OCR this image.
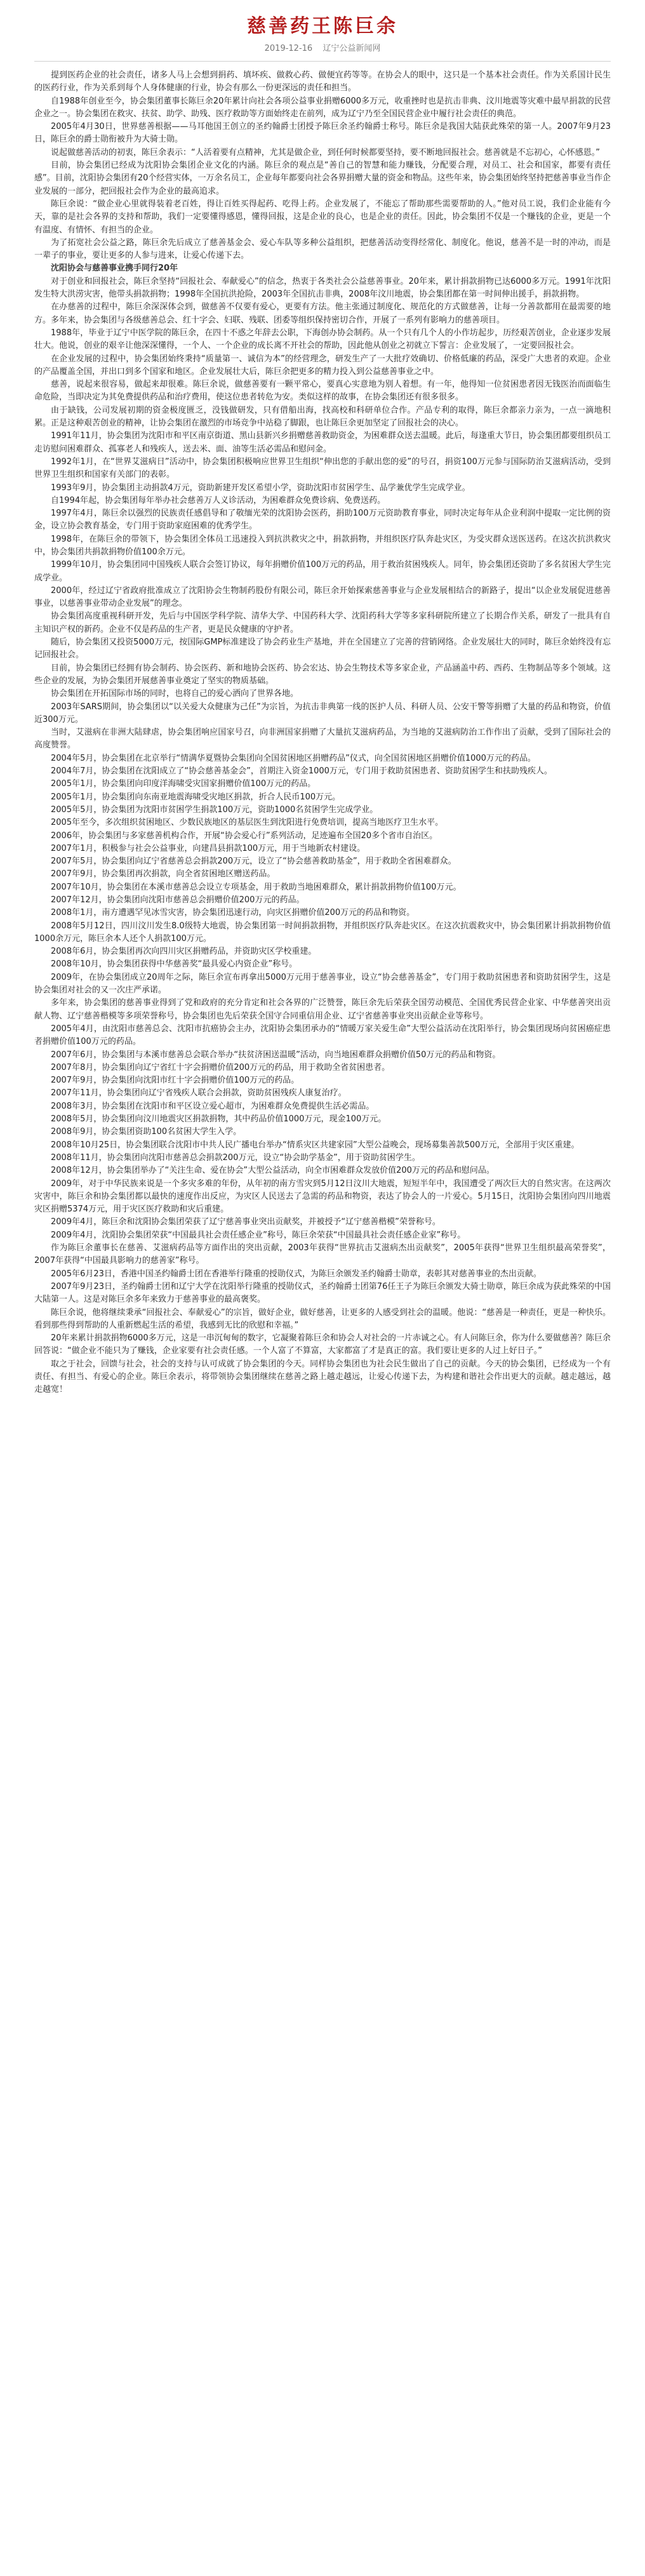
慈善药王陈巨余
2019-12-16 辽宁公益新闻网

提到医药企业的社会责任，诸多人马上会想到捐药、填坏疾、做救心药、做便宜药等等。在协会人的眼中，这只是一个基本社会责任。作为关系国计民生的医药行业，作为关系到每个人身体健康的行业，协会有那么一份更深远的责任和担当。

自1988年创业至今，协会集团董事长陈巨余20年累计向社会各项公益事业捐赠6000多万元，收重挫时也是抗击非典、汶川地震等灾难中最早捐款的民营企业之一。协会集团在救灾、扶贫、助学、助残、医疗救助等方面始终走在前列，成为辽宁乃至全国民营企业中履行社会责任的典范。

2005年4月30日，世界慈善根据——马耳他国王创立的圣约翰爵士团授予陈巨余圣约翰爵士称号。陈巨余是我国大陆获此殊荣的第一人。2007年9月23日，陈巨余的爵士勋衔被升为大骑士勋。

说起做慈善活动的初衷，陈巨余表示：“人活着要有点精神，尤其是做企业，到任何时候都要坚持，要不断地回报社会。慈善就是不忘初心，心怀感恩。”

目前，协会集团已经成为沈阳协会集团企业文化的内涵。陈巨余的观点是“善自己的智慧和能力赚钱，分配要合理，对员工、社会和国家，都要有责任感”。目前，沈阳协会集团有20个经营实体，一万余名员工，企业每年都要向社会各界捐赠大量的资金和物品。这些年来，协会集团始终坚持把慈善事业当作企业发展的一部分，把回报社会作为企业的最高追求。

陈巨余说：“做企业心里就得装着老百姓，得让百姓买得起药、吃得上药。企业发展了，不能忘了帮助那些需要帮助的人。”他对员工说，我们企业能有今天，靠的是社会各界的支持和帮助，我们一定要懂得感恩，懂得回报，这是企业的良心，也是企业的责任。因此，协会集团不仅是一个赚钱的企业，更是一个有温度、有情怀、有担当的企业。

为了拓宽社会公益之路，陈巨余先后成立了慈善基金会、爱心车队等多种公益组织，把慈善活动变得经常化、制度化。他说，慈善不是一时的冲动，而是一辈子的事业，要让更多的人参与进来，让爱心传递下去。

沈阳协会与慈善事业携手同行20年

对于创业和回报社会，陈巨余坚持“回报社会、奉献爱心”的信念，热衷于各类社会公益慈善事业。20年来，累计捐款捐物已达6000多万元。1991年沈阳发生特大洪涝灾害，他带头捐款捐物；1998年全国抗洪抢险，2003年全国抗击非典，2008年汶川地震，协会集团都在第一时间伸出援手，捐款捐物。

在办慈善的过程中，陈巨余深深体会到，做慈善不仅要有爱心，更要有方法。他主张通过制度化、规范化的方式做慈善，让每一分善款都用在最需要的地方。多年来，协会集团与各级慈善总会、红十字会、妇联、残联、团委等组织保持密切合作，开展了一系列有影响力的慈善项目。

1988年，毕业于辽宁中医学院的陈巨余，在四十不惑之年辞去公职，下海创办协会制药。从一个只有几个人的小作坊起步，历经艰苦创业，企业逐步发展壮大。他说，创业的艰辛让他深深懂得，一个人、一个企业的成长离不开社会的帮助，因此他从创业之初就立下誓言：企业发展了，一定要回报社会。

在企业发展的过程中，协会集团始终秉持“质量第一、诚信为本”的经营理念，研发生产了一大批疗效确切、价格低廉的药品，深受广大患者的欢迎。企业的产品覆盖全国，并出口到多个国家和地区。企业发展壮大后，陈巨余把更多的精力投入到公益慈善事业之中。

慈善，说起来很容易，做起来却很难。陈巨余说，做慈善要有一颗平常心，要真心实意地为别人着想。有一年，他得知一位贫困患者因无钱医治而面临生命危险，当即决定为其免费提供药品和治疗费用，使这位患者转危为安。类似这样的故事，在协会集团还有很多很多。

由于缺钱，公司发展初期的资金极度匮乏，没钱做研发，只有借船出海，找高校和科研单位合作。产品专利的取得，陈巨余都亲力亲为，一点一滴地积累。正是这种艰苦创业的精神，让协会集团在激烈的市场竞争中站稳了脚跟，也让陈巨余更加坚定了回报社会的决心。

1991年11月，协会集团为沈阳市和平区南京街道、黑山县新兴乡捐赠慈善救助资金，为困难群众送去温暖。此后，每逢重大节日，协会集团都要组织员工走访慰问困难群众、孤寡老人和残疾人，送去米、面、油等生活必需品和慰问金。

1992年1月，在“世界艾滋病日”活动中，协会集团积极响应世界卫生组织“伸出您的手献出您的爱”的号召，捐资100万元参与国际防治艾滋病活动，受到世界卫生组织和国家有关部门的表彰。

1993年9月，协会集团主动捐款4万元，资助新建开发区希望小学，资助沈阳市贫困学生、品学兼优学生完成学业。

自1994年起，协会集团每年举办社会慈善万人义诊活动，为困难群众免费诊病、免费送药。

1997年4月，陈巨余以强烈的民族责任感倡导和了敬缅光荣的沈阳协会医药，捐助100万元资助教育事业，同时决定每年从企业利润中提取一定比例的资金，设立协会教育基金，专门用于资助家庭困难的优秀学生。

1998年，在陈巨余的带领下，协会集团全体员工迅速投入到抗洪救灾之中，捐款捐物，并组织医疗队奔赴灾区，为受灾群众送医送药。在这次抗洪救灾中，协会集团共捐款捐物价值100余万元。

1999年10月，协会集团同中国残疾人联合会签订协议，每年捐赠价值100万元的药品，用于救治贫困残疾人。同年，协会集团还资助了多名贫困大学生完成学业。

2000年，经过辽宁省政府批准成立了沈阳协会生物制药股份有限公司，陈巨余开始探索慈善事业与企业发展相结合的新路子，提出“以企业发展促进慈善事业，以慈善事业带动企业发展”的理念。

协会集团高度重视科研开发，先后与中国医学科学院、清华大学、中国药科大学、沈阳药科大学等多家科研院所建立了长期合作关系，研发了一批具有自主知识产权的新药。企业不仅是药品的生产者，更是民众健康的守护者。

随后，协会集团又投资5000万元，按国际GMP标准建设了协会药业生产基地，并在全国建立了完善的营销网络。企业发展壮大的同时，陈巨余始终没有忘记回报社会。

目前，协会集团已经拥有协会制药、协会医药、新和地协会医药、协会宏达、协会生物技术等多家企业，产品涵盖中药、西药、生物制品等多个领域。这些企业的发展，为协会集团开展慈善事业奠定了坚实的物质基础。

协会集团在开拓国际市场的同时，也将自己的爱心洒向了世界各地。

2003年SARS期间，协会集团以“以关爱大众健康为己任”为宗旨，为抗击非典第一线的医护人员、科研人员、公安干警等捐赠了大量的药品和物资，价值近300万元。

当时，艾滋病在非洲大陆肆虐，协会集团响应国家号召，向非洲国家捐赠了大量抗艾滋病药品，为当地的艾滋病防治工作作出了贡献，受到了国际社会的高度赞誉。

2004年5月，协会集团在北京举行“情满华夏暨协会集团向全国贫困地区捐赠药品”仪式，向全国贫困地区捐赠价值1000万元的药品。

2004年7月，协会集团在沈阳成立了“协会慈善基金会”，首期注入资金1000万元，专门用于救助贫困患者、资助贫困学生和扶助残疾人。

2005年1月，协会集团向印度洋海啸受灾国家捐赠价值100万元的药品。

2005年1月，协会集团向东南亚地震海啸受灾地区捐款，折合人民币100万元。

2005年5月，协会集团为沈阳市贫困学生捐款100万元，资助1000名贫困学生完成学业。

2005年至今，多次组织贫困地区、少数民族地区的基层医生到沈阳进行免费培训，提高当地医疗卫生水平。

2006年，协会集团与多家慈善机构合作，开展“协会爱心行”系列活动，足迹遍布全国20多个省市自治区。

2007年1月，积极参与社会公益事业，向建昌县捐款100万元，用于当地新农村建设。

2007年5月，协会集团向辽宁省慈善总会捐款200万元，设立了“协会慈善救助基金”，用于救助全省困难群众。

2007年9月，协会集团再次捐款，向全省贫困地区赠送药品。

2007年10月，协会集团在本溪市慈善总会设立专项基金，用于救助当地困难群众，累计捐款捐物价值100万元。

2007年12月，协会集团向沈阳市慈善总会捐赠价值200万元的药品。

2008年1月，南方遭遇罕见冰雪灾害，协会集团迅速行动，向灾区捐赠价值200万元的药品和物资。

2008年5月12日，四川汶川发生8.0级特大地震，协会集团第一时间捐款捐物，并组织医疗队奔赴灾区。在这次抗震救灾中，协会集团累计捐款捐物价值1000余万元，陈巨余本人还个人捐款100万元。

2008年6月，协会集团再次向四川灾区捐赠药品，并资助灾区学校重建。

2008年10月，协会集团获得中华慈善奖“最具爱心内资企业”称号。

2009年，在协会集团成立20周年之际，陈巨余宣布再拿出5000万元用于慈善事业，设立“协会慈善基金”，专门用于救助贫困患者和资助贫困学生，这是协会集团对社会的又一次庄严承诺。

多年来，协会集团的慈善事业得到了党和政府的充分肯定和社会各界的广泛赞誉，陈巨余先后荣获全国劳动模范、全国优秀民营企业家、中华慈善突出贡献人物、辽宁慈善楷模等多项荣誉称号，协会集团也先后荣获全国守合同重信用企业、辽宁省慈善事业突出贡献企业等称号。

2005年4月，由沈阳市慈善总会、沈阳市抗癌协会主办，沈阳协会集团承办的“情暖万家关爱生命”大型公益活动在沈阳举行，协会集团现场向贫困癌症患者捐赠价值100万元的药品。

2007年6月，协会集团与本溪市慈善总会联合举办“扶贫济困送温暖”活动，向当地困难群众捐赠价值50万元的药品和物资。

2007年8月，协会集团向辽宁省红十字会捐赠价值200万元的药品，用于救助全省贫困患者。

2007年9月，协会集团向沈阳市红十字会捐赠价值100万元的药品。

2007年11月，协会集团向辽宁省残疾人联合会捐款，资助贫困残疾人康复治疗。

2008年3月，协会集团在沈阳市和平区设立爱心超市，为困难群众免费提供生活必需品。

2008年5月，协会集团向汶川地震灾区捐款捐物，其中药品价值1000万元，现金100万元。

2008年9月，协会集团资助100名贫困大学生入学。

2008年10月25日，协会集团联合沈阳市中共人民广播电台举办“情系灾区共建家园”大型公益晚会，现场募集善款500万元，全部用于灾区重建。

2008年11月，协会集团向沈阳市慈善总会捐款200万元，设立“协会助学基金”，用于资助贫困学生。

2008年12月，协会集团举办了“关注生命、爱在协会”大型公益活动，向全市困难群众发放价值200万元的药品和慰问品。

2009年，对于中华民族来说是一个多灾多难的年份，从年初的南方雪灾到5月12日汶川大地震，短短半年中，我国遭受了两次巨大的自然灾害。在这两次灾害中，陈巨余和协会集团都以最快的速度作出反应，为灾区人民送去了急需的药品和物资，表达了协会人的一片爱心。5月15日，沈阳协会集团向四川地震灾区捐赠5374万元，用于灾区医疗救助和灾后重建。

2009年4月，陈巨余和沈阳协会集团荣获了辽宁慈善事业突出贡献奖，并被授予“辽宁慈善楷模”荣誉称号。

2009年4月，沈阳协会集团荣获“中国最具社会责任感企业”称号，陈巨余荣获“中国最具社会责任感企业家”称号。

作为陈巨余董事长在慈善、艾滋病药品等方面作出的突出贡献，2003年获得“世界抗击艾滋病杰出贡献奖”，2005年获得“世界卫生组织最高荣誉奖”，2007年获得“中国最具影响力的慈善家”称号。

2005年6月23日，香港中国圣约翰爵士团在香港举行隆重的授勋仪式，为陈巨余颁发圣约翰爵士勋章，表彰其对慈善事业的杰出贡献。

2007年9月23日，圣约翰爵士团和辽宁大学在沈阳举行隆重的授勋仪式，圣约翰爵士团第76任王子为陈巨余颁发大骑士勋章，陈巨余成为获此殊荣的中国大陆第一人。这是对陈巨余多年来致力于慈善事业的最高褒奖。

陈巨余说，他将继续秉承“回报社会、奉献爱心”的宗旨，做好企业，做好慈善，让更多的人感受到社会的温暖。他说：“慈善是一种责任，更是一种快乐。看到那些得到帮助的人重新燃起生活的希望，我感到无比的欣慰和幸福。”

20年来累计捐款捐物6000多万元，这是一串沉甸甸的数字，它凝聚着陈巨余和协会人对社会的一片赤诚之心。有人问陈巨余，你为什么要做慈善？陈巨余回答说：“做企业不能只为了赚钱，企业家要有社会责任感。一个人富了不算富，大家都富了才是真正的富。我们要让更多的人过上好日子。”

取之于社会，回馈与社会，社会的支持与认可成就了协会集团的今天。同样协会集团也为社会民生做出了自己的贡献。今天的协会集团，已经成为一个有责任、有担当、有爱心的企业。陈巨余表示，将带领协会集团继续在慈善之路上越走越远，让爱心传递下去，为构建和谐社会作出更大的贡献。越走越远，越走越宽！
